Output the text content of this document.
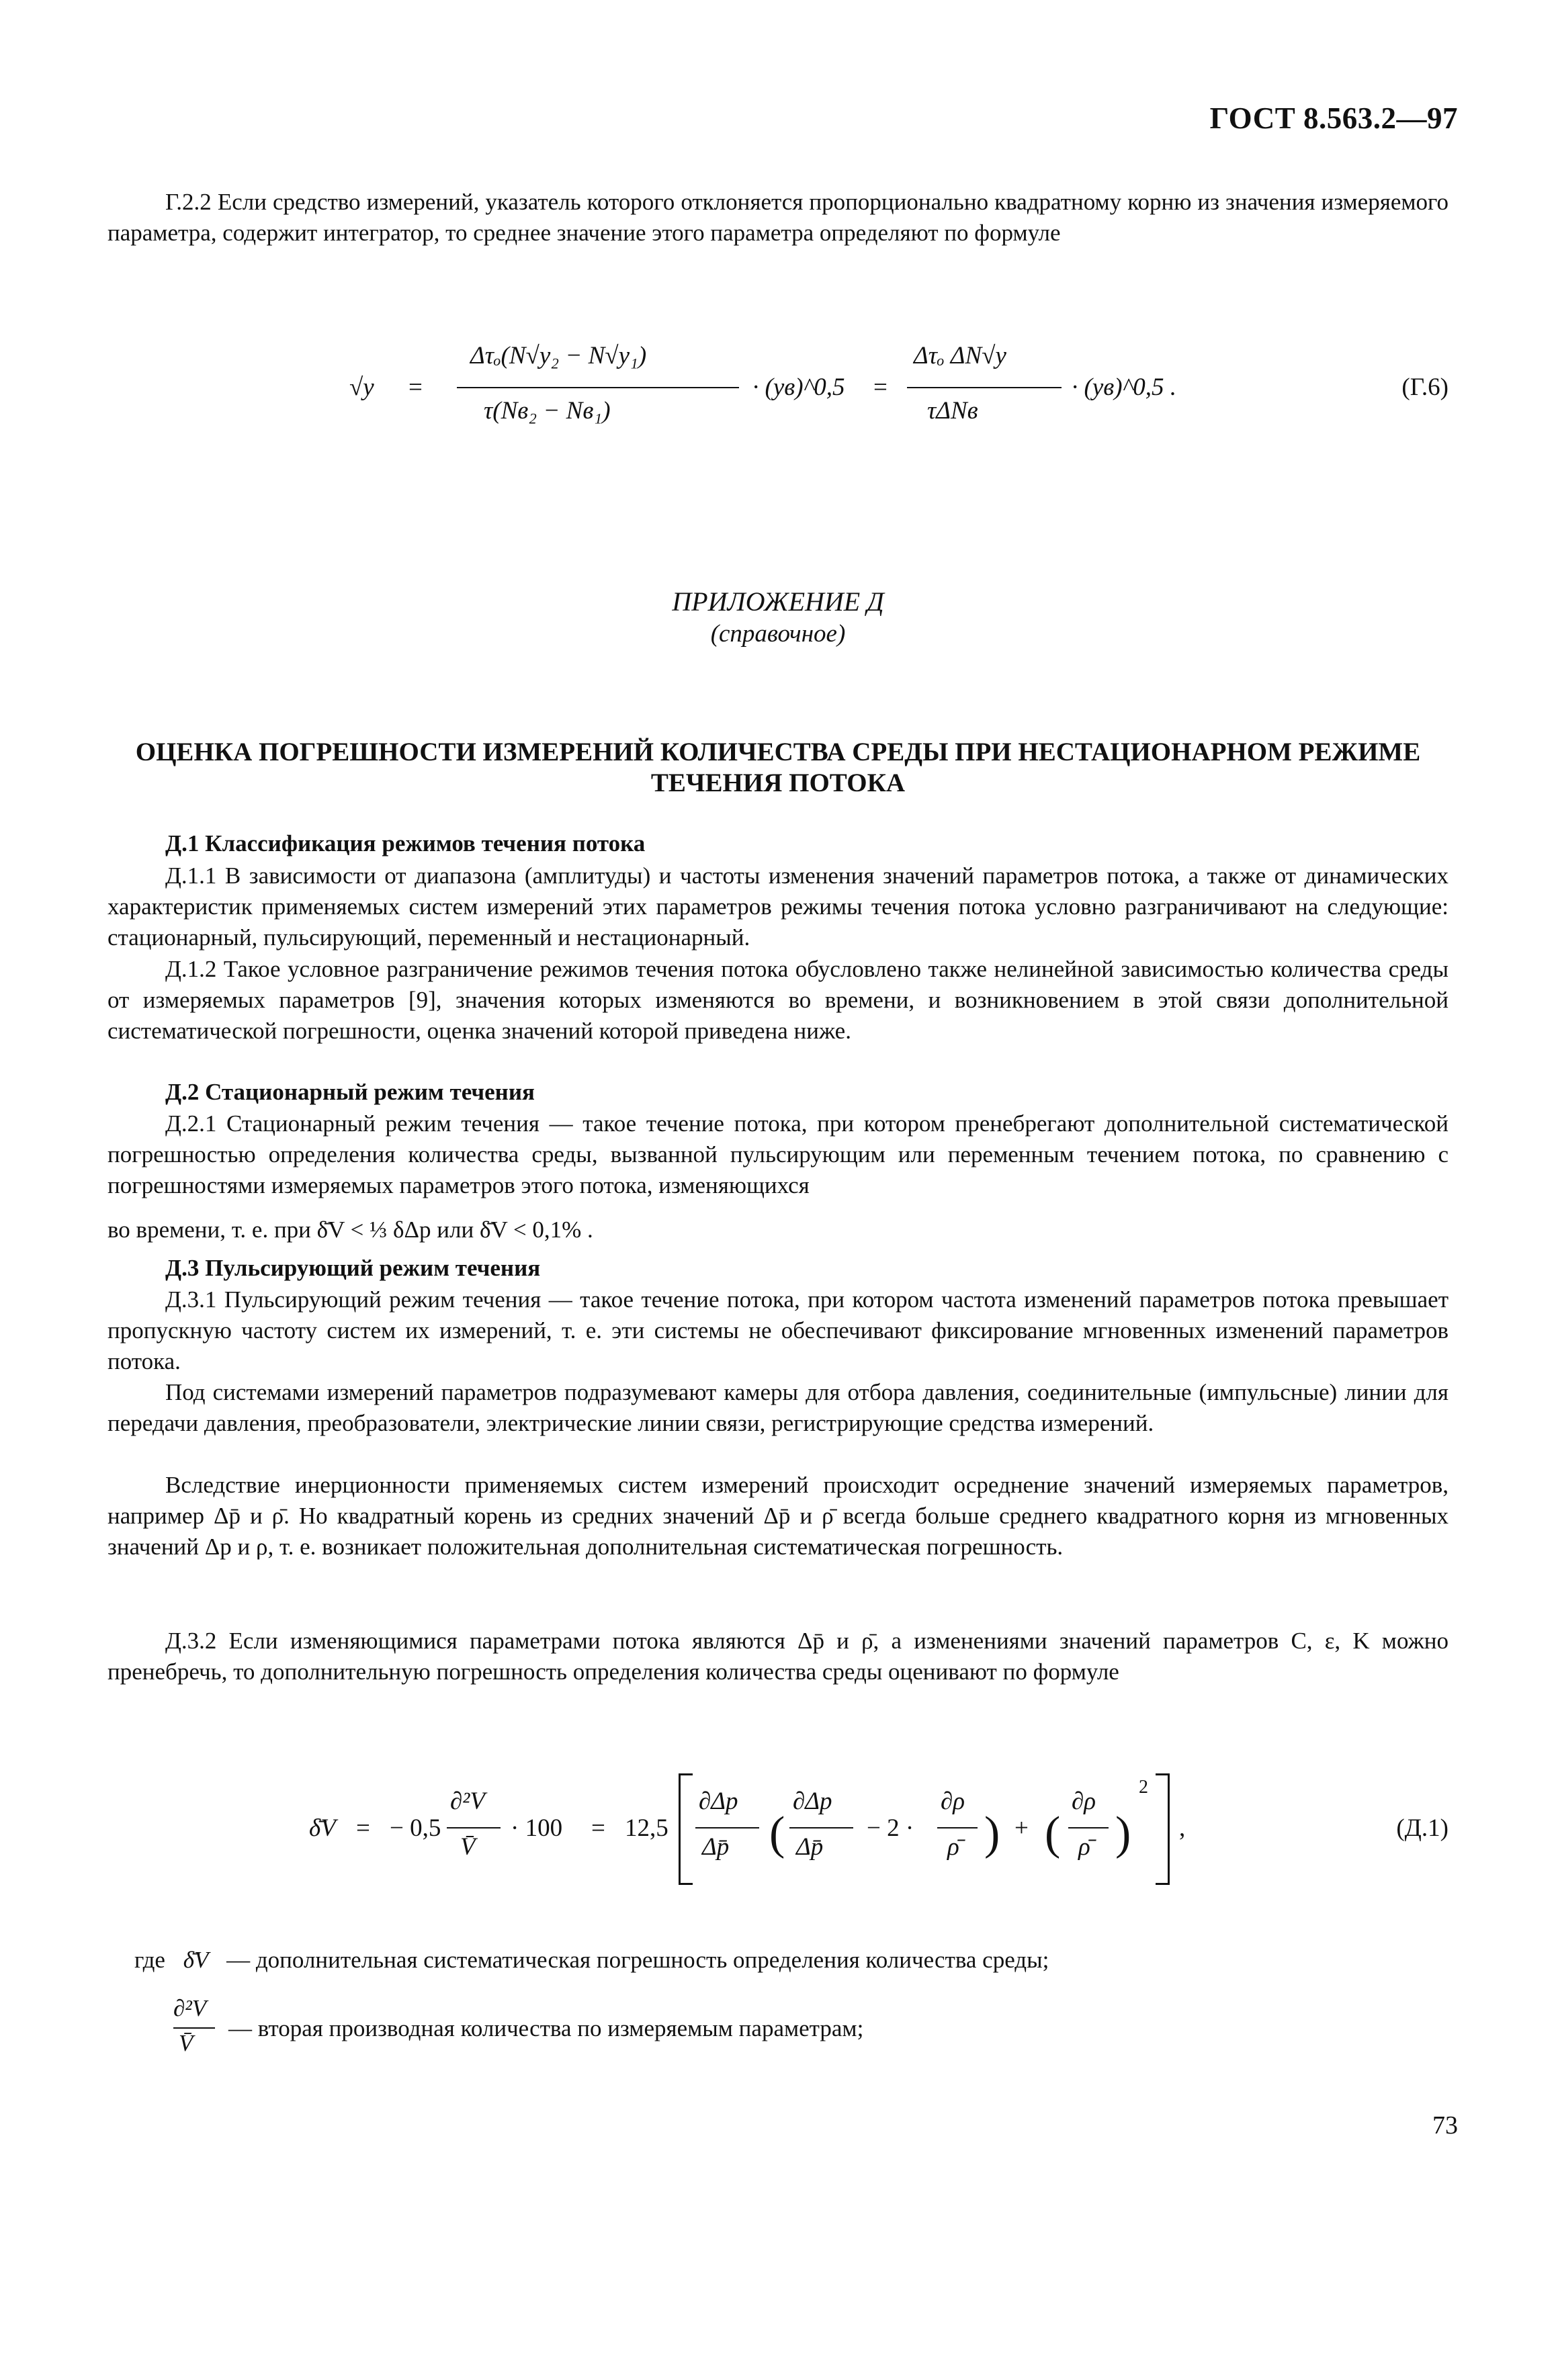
ГОСТ 8.563.2—97

Г.2.2 Если средство измерений, указатель которого отклоняется пропорционально квадратному корню из значения измеряемого параметра, содержит интегратор, то среднее значение этого параметра определяют по формуле

√y =
Δτₒ(N√y₂ − N√y₁)
τ(Nв₂ − Nв₁)
· (yв)^0,5 =
Δτₒ ΔN√y
τΔNв
· (yв)^0,5 .	(Г.6)
ПРИЛОЖЕНИЕ Д
(справочное)
ОЦЕНКА ПОГРЕШНОСТИ ИЗМЕРЕНИЙ КОЛИЧЕСТВА СРЕДЫ ПРИ НЕСТАЦИОНАРНОМ РЕЖИМЕ ТЕЧЕНИЯ ПОТОКА
Д.1 Классификация режимов течения потока

Д.1.1 В зависимости от диапазона (амплитуды) и частоты изменения значений параметров потока, а также от динамических характеристик применяемых систем измерений этих параметров режимы течения потока условно разграничивают на следующие: стационарный, пульсирующий, переменный и нестационарный.

Д.1.2 Такое условное разграничение режимов течения потока обусловлено также нелинейной зависимостью количества среды от измеряемых параметров [9], значения которых изменяются во времени, и возникновением в этой связи дополнительной систематической погрешности, оценка значений которой приведена ниже.

Д.2 Стационарный режим течения

Д.2.1 Стационарный режим течения — такое течение потока, при котором пренебрегают дополнительной систематической погрешностью определения количества среды, вызванной пульсирующим или переменным течением потока, по сравнению с погрешностями измеряемых параметров этого потока, изменяющихся

во времени, т. е. при δ̄V < ⅓ δΔp или δ̄V < 0,1% .

Д.3 Пульсирующий режим течения

Д.3.1 Пульсирующий режим течения — такое течение потока, при котором частота изменений параметров потока превышает пропускную частоту систем их измерений, т. е. эти системы не обеспечивают фиксирование мгновенных изменений параметров потока.

Под системами измерений параметров подразумевают камеры для отбора давления, соединительные (импульсные) линии для передачи давления, преобразователи, электрические линии связи, регистрирующие средства измерений.

Вследствие инерционности применяемых систем измерений происходит осреднение значений измеряемых параметров, например Δp̄ и ρ̄. Но квадратный корень из средних значений Δp̄ и ρ̄ всегда больше среднего квадратного корня из мгновенных значений Δp и ρ, т. е. возникает положительная дополнительная систематическая погрешность.

Д.3.2 Если изменяющимися параметрами потока являются Δp̄ и ρ̄, а изменениями значений параметров C, ε, K можно пренебречь, то дополнительную погрешность определения количества среды оценивают по формуле

δ̄V = − 0,5
∂²V
V̄
· 100 = 12,5
∂Δp
Δp̄ (
∂Δp
Δp̄
− 2 ·
∂ρ
ρ̄ ) + (
∂ρ
ρ̄ )
2
,	(Д.1)
где δ̄V — дополнительная систематическая погрешность определения количества среды;
∂²V
V̄
— вторая производная количества по измеряемым параметрам;
73
